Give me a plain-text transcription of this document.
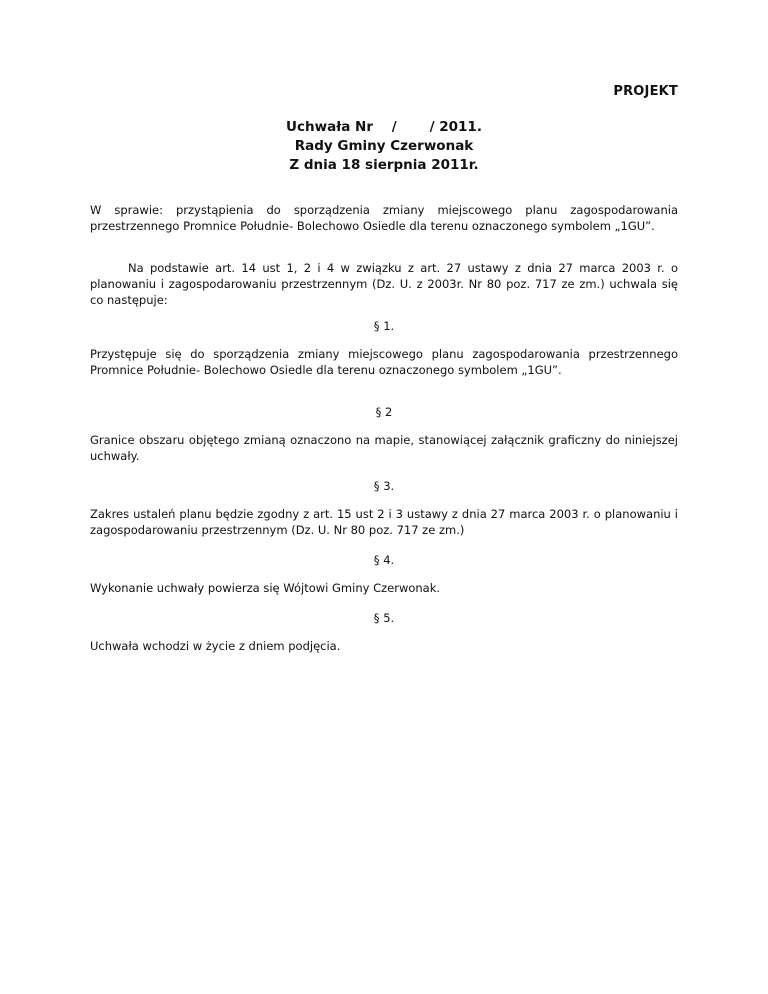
PROJEKT
Uchwała Nr    /       / 2011.
Rady Gminy Czerwonak
Z dnia 18 sierpnia 2011r.
W sprawie: przystąpienia do sporządzenia zmiany miejscowego planu zagospodarowania przestrzennego Promnice Południe- Bolechowo Osiedle dla terenu oznaczonego symbolem „1GU”.
Na podstawie art. 14 ust 1, 2 i 4 w związku z art. 27 ustawy z dnia 27 marca 2003 r. o planowaniu i zagospodarowaniu przestrzennym (Dz. U. z 2003r. Nr 80 poz. 717 ze zm.) uchwala się co następuje:
§ 1.
Przystępuje się do sporządzenia zmiany miejscowego planu zagospodarowania przestrzennego Promnice Południe- Bolechowo Osiedle dla terenu oznaczonego symbolem „1GU”.
§ 2
Granice obszaru objętego zmianą oznaczono na mapie, stanowiącej załącznik graficzny do niniejszej uchwały.
§ 3.
Zakres ustaleń planu będzie zgodny z art. 15 ust 2 i 3 ustawy z dnia 27 marca 2003 r. o planowaniu i zagospodarowaniu przestrzennym (Dz. U. Nr 80 poz. 717 ze zm.)
§ 4.
Wykonanie uchwały powierza się Wójtowi Gminy Czerwonak.
§ 5.
Uchwała wchodzi w życie z dniem podjęcia.
